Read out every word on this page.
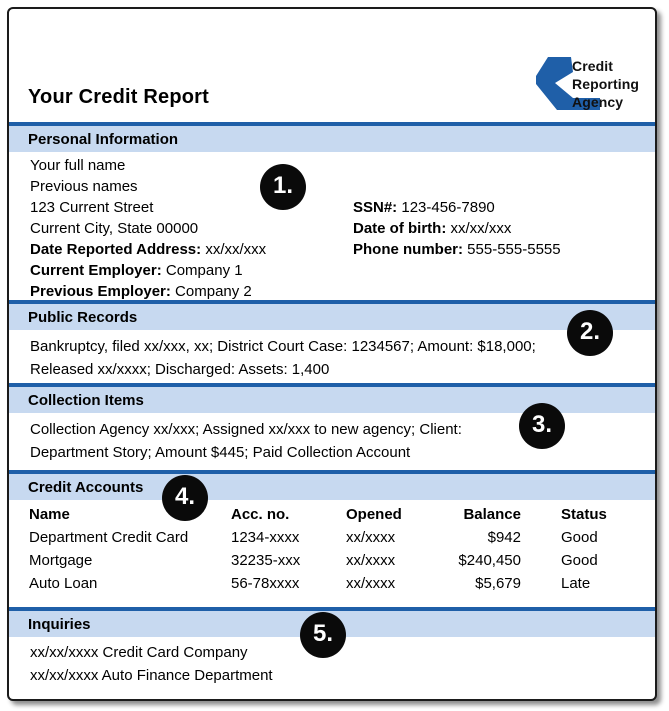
Your Credit Report
Credit
Reporting
Agency
Personal Information
Your full name
Previous names
123 Current Street
Current City, State 00000
Date Reported Address: xx/xx/xxx
Current Employer: Company 1
Previous Employer: Company 2
SSN#: 123-456-7890
Date of birth: xx/xx/xxx
Phone number: 555-555-5555
Public Records
Bankruptcy, filed xx/xxx, xx; District Court Case: 1234567; Amount: $18,000;
Released xx/xxxx; Discharged: Assets: 1,400
Collection Items
Collection Agency xx/xxx; Assigned xx/xxx to new agency; Client:
Department Story; Amount $445; Paid Collection Account
Credit Accounts
Name	Acc. no.	Opened	Balance	Status
Department Credit Card	1234-xxxx	xx/xxxx	$942	Good
Mortgage	32235-xxx	xx/xxxx	$240,450	Good
Auto Loan	56-78xxxx	xx/xxxx	$5,679	Late
Inquiries
xx/xx/xxxx Credit Card Company
xx/xx/xxxx Auto Finance Department
1.
2.
3.
4.
5.
